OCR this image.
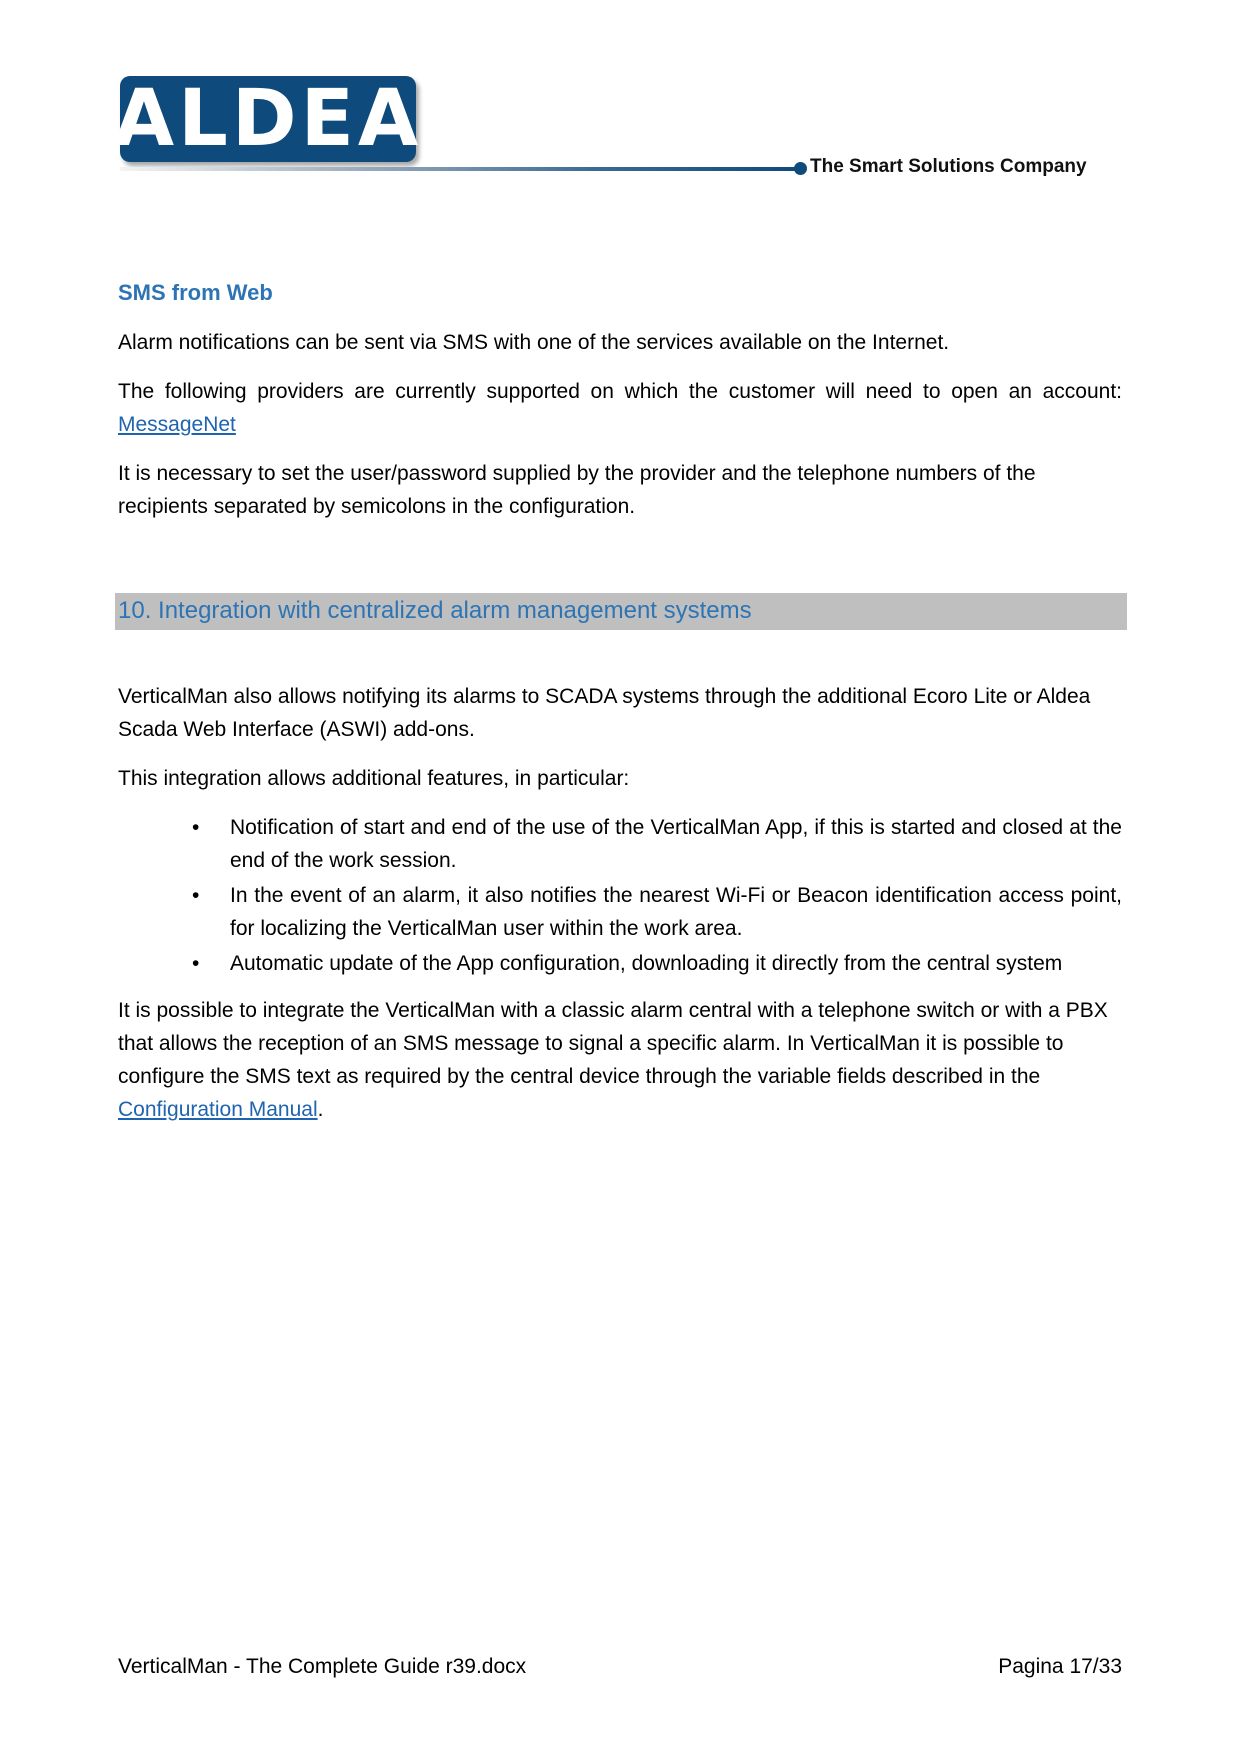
ALDEA
The Smart Solutions Company
SMS from Web

Alarm notifications can be sent via SMS with one of the services available on the Internet.

The following providers are currently supported on which the customer will need to open an account: MessageNet

It is necessary to set the user/password supplied by the provider and the telephone numbers of the recipients separated by semicolons in the configuration.

10. Integration with centralized alarm management systems

VerticalMan also allows notifying its alarms to SCADA systems through the additional Ecoro Lite or Aldea Scada Web Interface (ASWI) add-ons.

This integration allows additional features, in particular:

• Notification of start and end of the use of the VerticalMan App, if this is started and closed at the end of the work session.
• In the event of an alarm, it also notifies the nearest Wi-Fi or Beacon identification access point, for localizing the VerticalMan user within the work area.
• Automatic update of the App configuration, downloading it directly from the central system

It is possible to integrate the VerticalMan with a classic alarm central with a telephone switch or with a PBX that allows the reception of an SMS message to signal a specific alarm. In VerticalMan it is possible to configure the SMS text as required by the central device through the variable fields described in the Configuration Manual.

VerticalMan - The Complete Guide r39.docx	Pagina 17/33
